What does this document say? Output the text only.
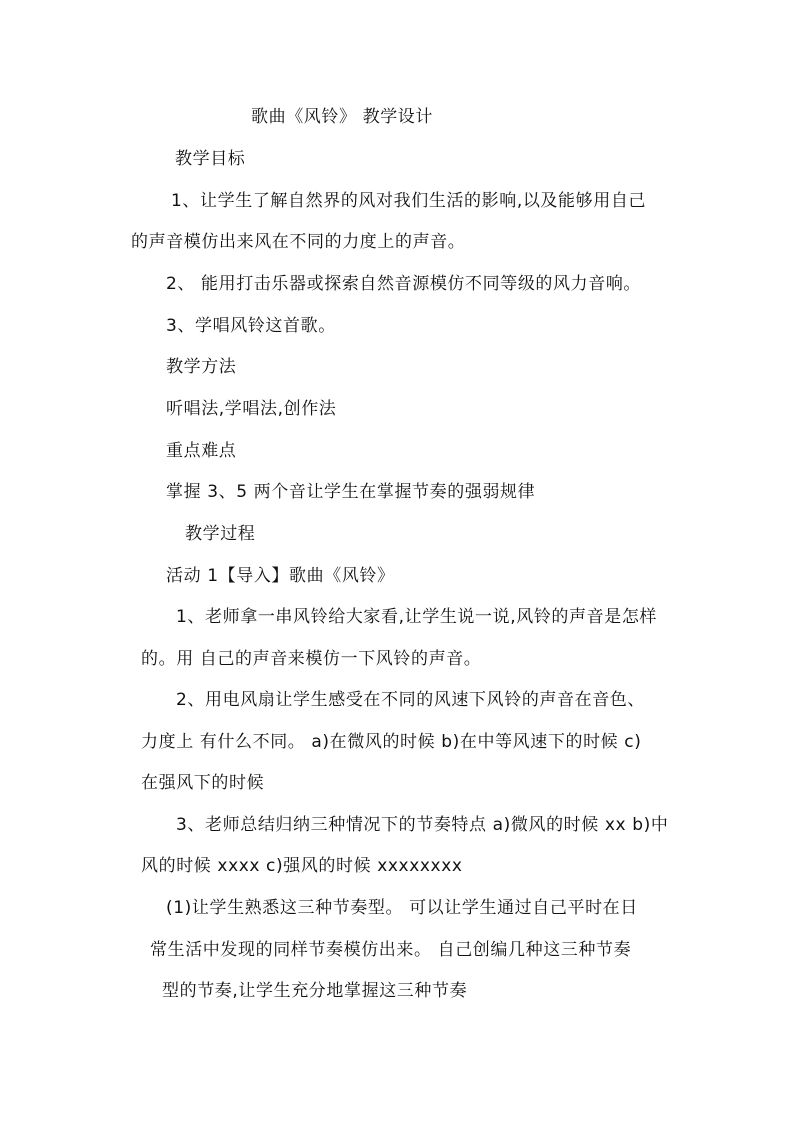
歌曲《风铃》 教学设计
教学目标
1、让学生了解自然界的风对我们生活的影响,以及能够用自己
的声音模仿出来风在不同的力度上的声音。
2、 能用打击乐器或探索自然音源模仿不同等级的风力音响。
3、学唱风铃这首歌。
教学方法
听唱法,学唱法,创作法
重点难点
掌握 3、5 两个音让学生在掌握节奏的强弱规律
教学过程
活动 1【导入】歌曲《风铃》
1、老师拿一串风铃给大家看,让学生说一说,风铃的声音是怎样
的。用 自己的声音来模仿一下风铃的声音。
2、用电风扇让学生感受在不同的风速下风铃的声音在音色、
力度上 有什么不同。 a)在微风的时候 b)在中等风速下的时候 c)
在强风下的时候
3、老师总结归纳三种情况下的节奏特点 a)微风的时候 xx b)中
风的时候 xxxx c)强风的时候 xxxxxxxx
(1)让学生熟悉这三种节奏型。 可以让学生通过自己平时在日
常生活中发现的同样节奏模仿出来。 自己创编几种这三种节奏
型的节奏,让学生充分地掌握这三种节奏
